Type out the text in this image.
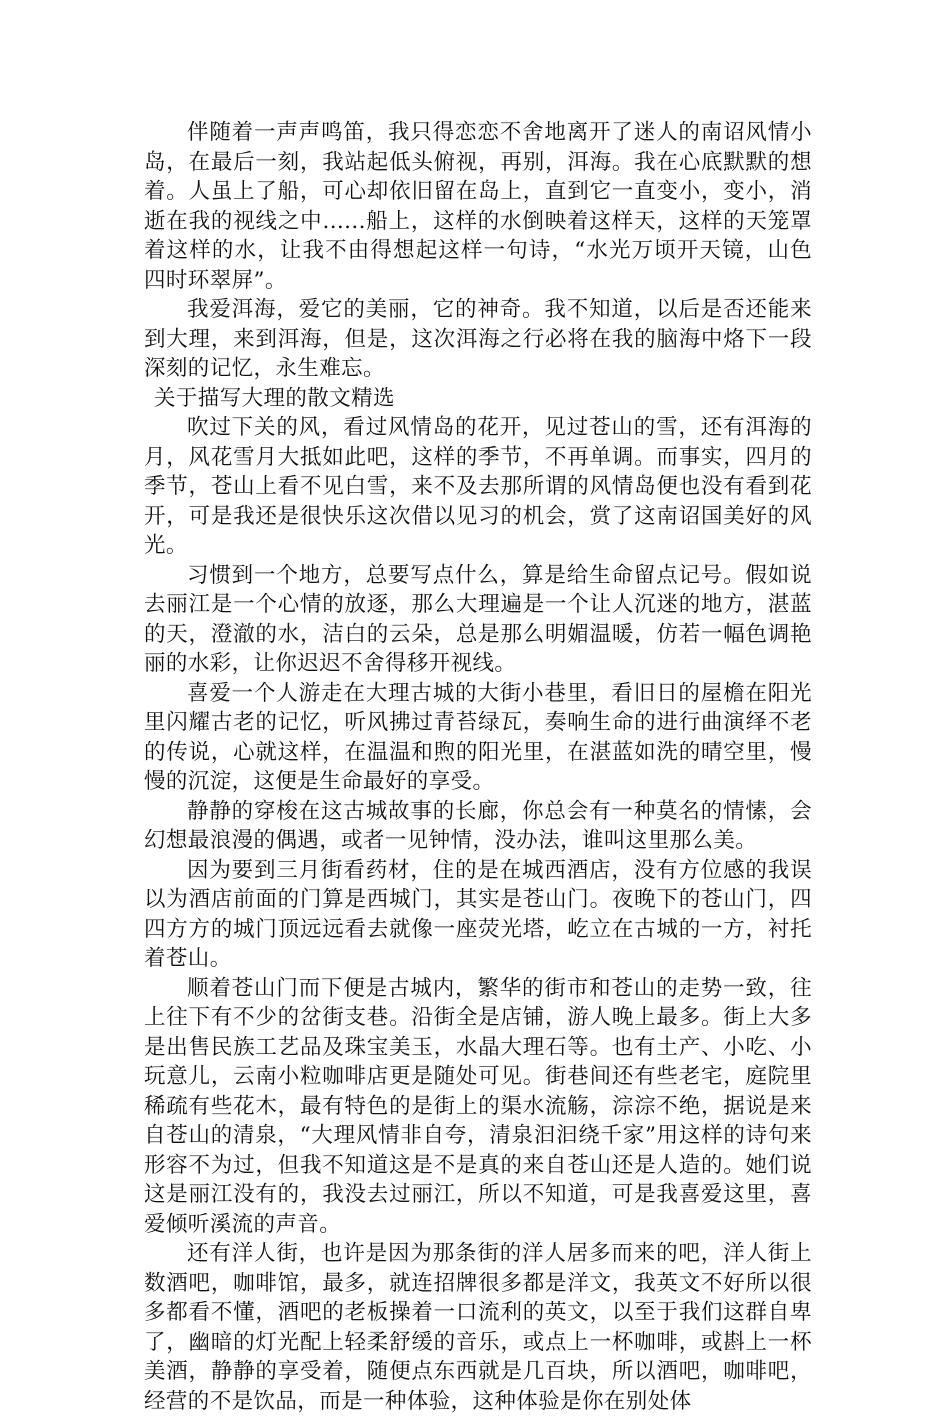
伴随着一声声鸣笛，我只得恋恋不舍地离开了迷人的南诏风情小岛，在最后一刻，我站起低头俯视，再别，洱海。我在心底默默的想着。人虽上了船，可心却依旧留在岛上，直到它一直变小，变小，消逝在我的视线之中......船上，这样的水倒映着这样天，这样的天笼罩着这样的水，让我不由得想起这样一句诗，“水光万顷开天镜，山色四时环翠屏”。

我爱洱海，爱它的美丽，它的神奇。我不知道，以后是否还能来到大理，来到洱海，但是，这次洱海之行必将在我的脑海中烙下一段深刻的记忆，永生难忘。

关于描写大理的散文精选

吹过下关的风，看过风情岛的花开，见过苍山的雪，还有洱海的月，风花雪月大抵如此吧，这样的季节，不再单调。而事实，四月的季节，苍山上看不见白雪，来不及去那所谓的风情岛便也没有看到花开，可是我还是很快乐这次借以见习的机会，赏了这南诏国美好的风光。

习惯到一个地方，总要写点什么，算是给生命留点记号。假如说去丽江是一个心情的放逐，那么大理遍是一个让人沉迷的地方，湛蓝的天，澄澈的水，洁白的云朵，总是那么明媚温暖，仿若一幅色调艳丽的水彩，让你迟迟不舍得移开视线。

喜爱一个人游走在大理古城的大街小巷里，看旧日的屋檐在阳光里闪耀古老的记忆，听风拂过青苔绿瓦，奏响生命的进行曲演绎不老的传说，心就这样，在温温和煦的阳光里，在湛蓝如洗的晴空里，慢慢的沉淀，这便是生命最好的享受。

静静的穿梭在这古城故事的长廊，你总会有一种莫名的情愫，会幻想最浪漫的偶遇，或者一见钟情，没办法，谁叫这里那么美。

因为要到三月街看药材，住的是在城西酒店，没有方位感的我误以为酒店前面的门算是西城门，其实是苍山门。夜晚下的苍山门，四四方方的城门顶远远看去就像一座荧光塔，屹立在古城的一方，衬托着苍山。

顺着苍山门而下便是古城内，繁华的街市和苍山的走势一致，往上往下有不少的岔街支巷。沿街全是店铺，游人晚上最多。街上大多是出售民族工艺品及珠宝美玉，水晶大理石等。也有土产、小吃、小玩意儿，云南小粒咖啡店更是随处可见。街巷间还有些老宅，庭院里稀疏有些花木，最有特色的是街上的渠水流觞，淙淙不绝，据说是来自苍山的清泉，“大理风情非自夸，清泉汩汩绕千家”用这样的诗句来形容不为过，但我不知道这是不是真的来自苍山还是人造的。她们说这是丽江没有的，我没去过丽江，所以不知道，可是我喜爱这里，喜爱倾听溪流的声音。

还有洋人街，也许是因为那条街的洋人居多而来的吧，洋人街上数酒吧，咖啡馆，最多，就连招牌很多都是洋文，我英文不好所以很多都看不懂，酒吧的老板操着一口流利的英文，以至于我们这群自卑了，幽暗的灯光配上轻柔舒缓的音乐，或点上一杯咖啡，或斟上一杯美酒，静静的享受着，随便点东西就是几百块，所以酒吧，咖啡吧，经营的不是饮品，而是一种体验，这种体验是你在别处体
